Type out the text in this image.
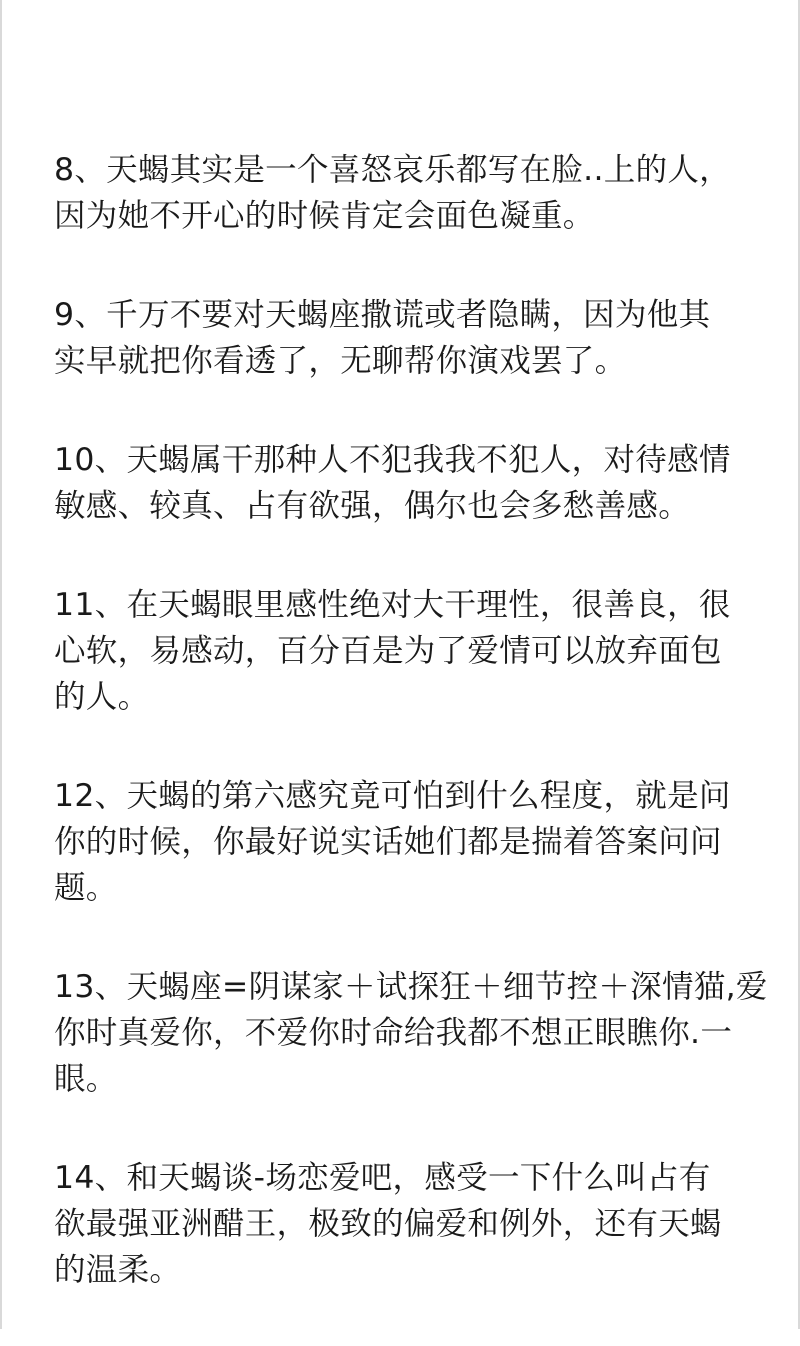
8、天蝎其实是一个喜怒哀乐都写在脸..上的人，
因为她不开心的时候肯定会面色凝重。

9、千万不要对天蝎座撒谎或者隐瞒，因为他其
实早就把你看透了，无聊帮你演戏罢了。

10、天蝎属干那种人不犯我我不犯人，对待感情
敏感、较真、占有欲强，偶尔也会多愁善感。

11、在天蝎眼里感性绝对大干理性，很善良，很
心软，易感动，百分百是为了爱情可以放弃面包
的人。

12、天蝎的第六感究竟可怕到什么程度，就是问
你的时候，你最好说实话她们都是揣着答案问问
题。

13、天蝎座=阴谋家＋试探狂＋细节控＋深情猫,爱
你时真爱你，不爱你时命给我都不想正眼瞧你.一
眼。

14、和天蝎谈-场恋爱吧，感受一下什么叫占有
欲最强亚洲醋王，极致的偏爱和例外，还有天蝎
的温柔。
